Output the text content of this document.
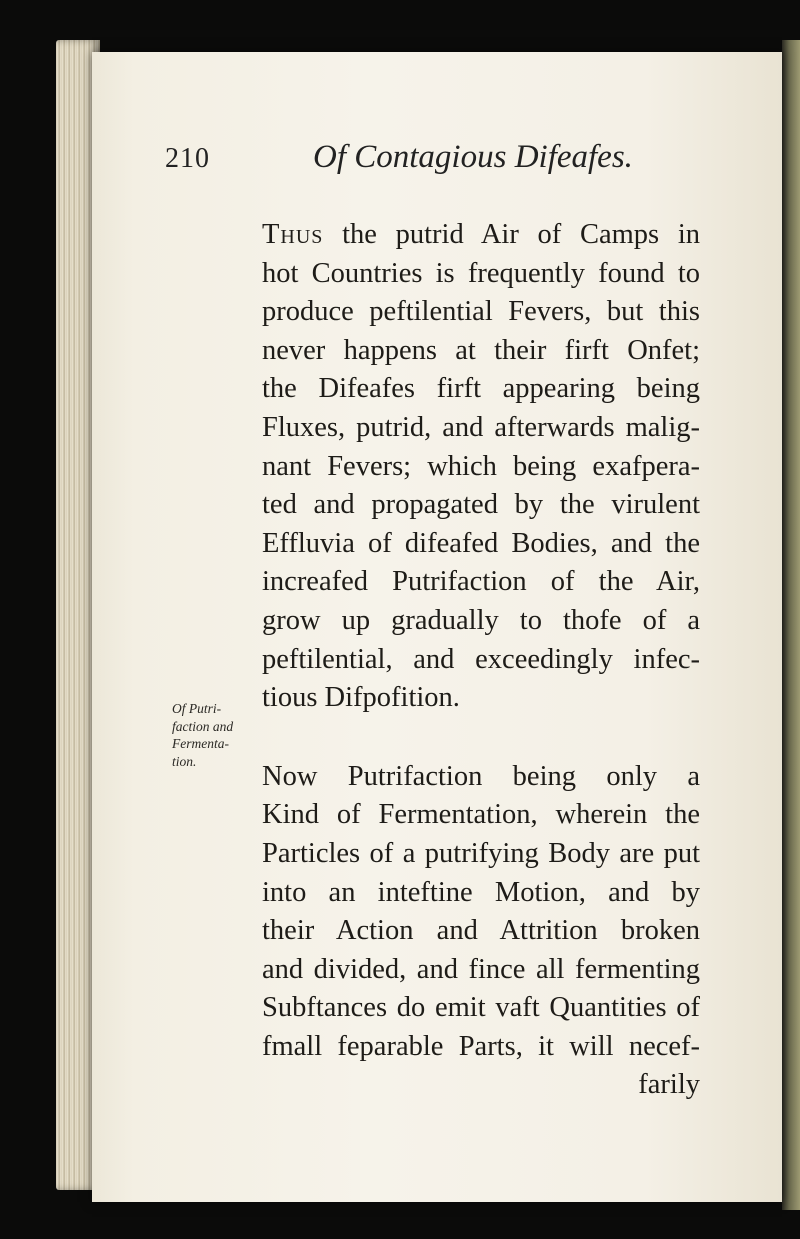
210	Of Contagious Difeafes.
Thus the putrid Air of Camps in
hot Countries is frequently found to
produce peftilential Fevers, but this
never happens at their firft Onfet;
the Difeafes firft appearing being
Fluxes, putrid, and afterwards malig-
nant Fevers; which being exafpera-
ted and propagated by the virulent
Effluvia of difeafed Bodies, and the
increafed Putrifaction of the Air,
grow up gradually to thofe of a
peftilential, and exceedingly infec-
tious Difpofition.
Now Putrifaction being only a
Kind of Fermentation, wherein the
Particles of a putrifying Body are put
into an inteftine Motion, and by
their Action and Attrition broken
and divided, and fince all fermenting
Subftances do emit vaft Quantities of
fmall feparable Parts, it will necef-
farily
Of Putri-
faction and
Fermenta-
tion.
